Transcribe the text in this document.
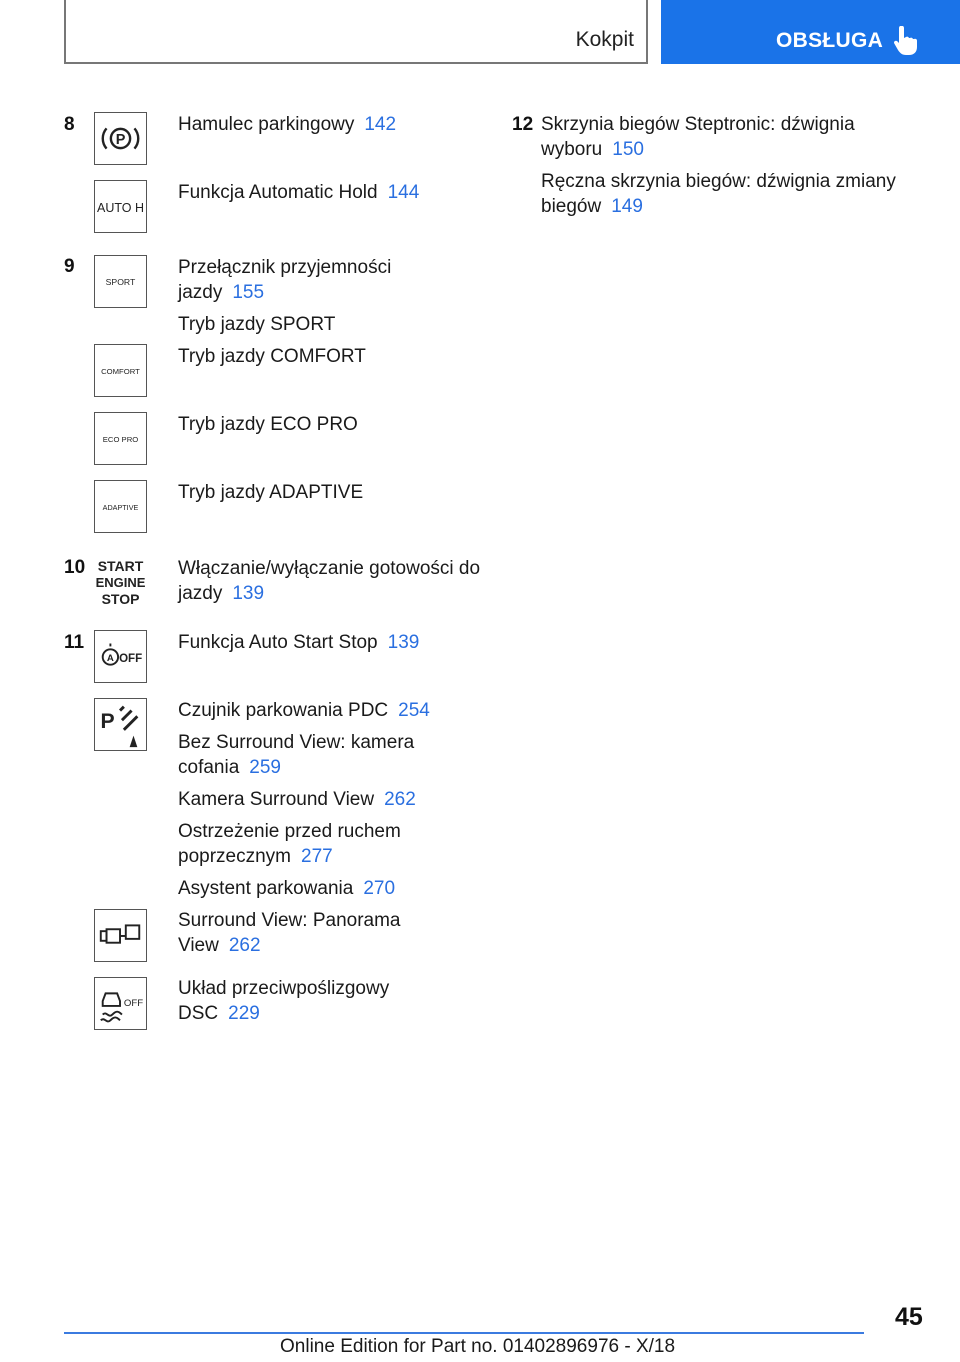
Kokpit	OBSŁUGA
8
9
10
11
12
P
AUTO H
SPORT
COMFORT
ECO PRO
ADAPTIVE
START
ENGINE
STOP
A OFF
P
OFF
Hamulec parkingowy 142
Funkcja Automatic Hold 144
Przełącznik przyjemności jazdy 155
Tryb jazdy SPORT
Tryb jazdy COMFORT
Tryb jazdy ECO PRO
Tryb jazdy ADAPTIVE
Włączanie/wyłączanie gotowości do jazdy 139
Funkcja Auto Start Stop 139
Czujnik parkowania PDC 254
Bez Surround View: kamera cofania 259
Kamera Surround View 262
Ostrzeżenie przed ruchem poprzecznym 277
Asystent parkowania 270
Surround View: Panorama View 262
Układ przeciwpoślizgowy DSC 229
Skrzynia biegów Steptronic: dźwignia wyboru 150
Ręczna skrzynia biegów: dźwignia zmiany biegów 149
45
Online Edition for Part no. 01402896976 - X/18
